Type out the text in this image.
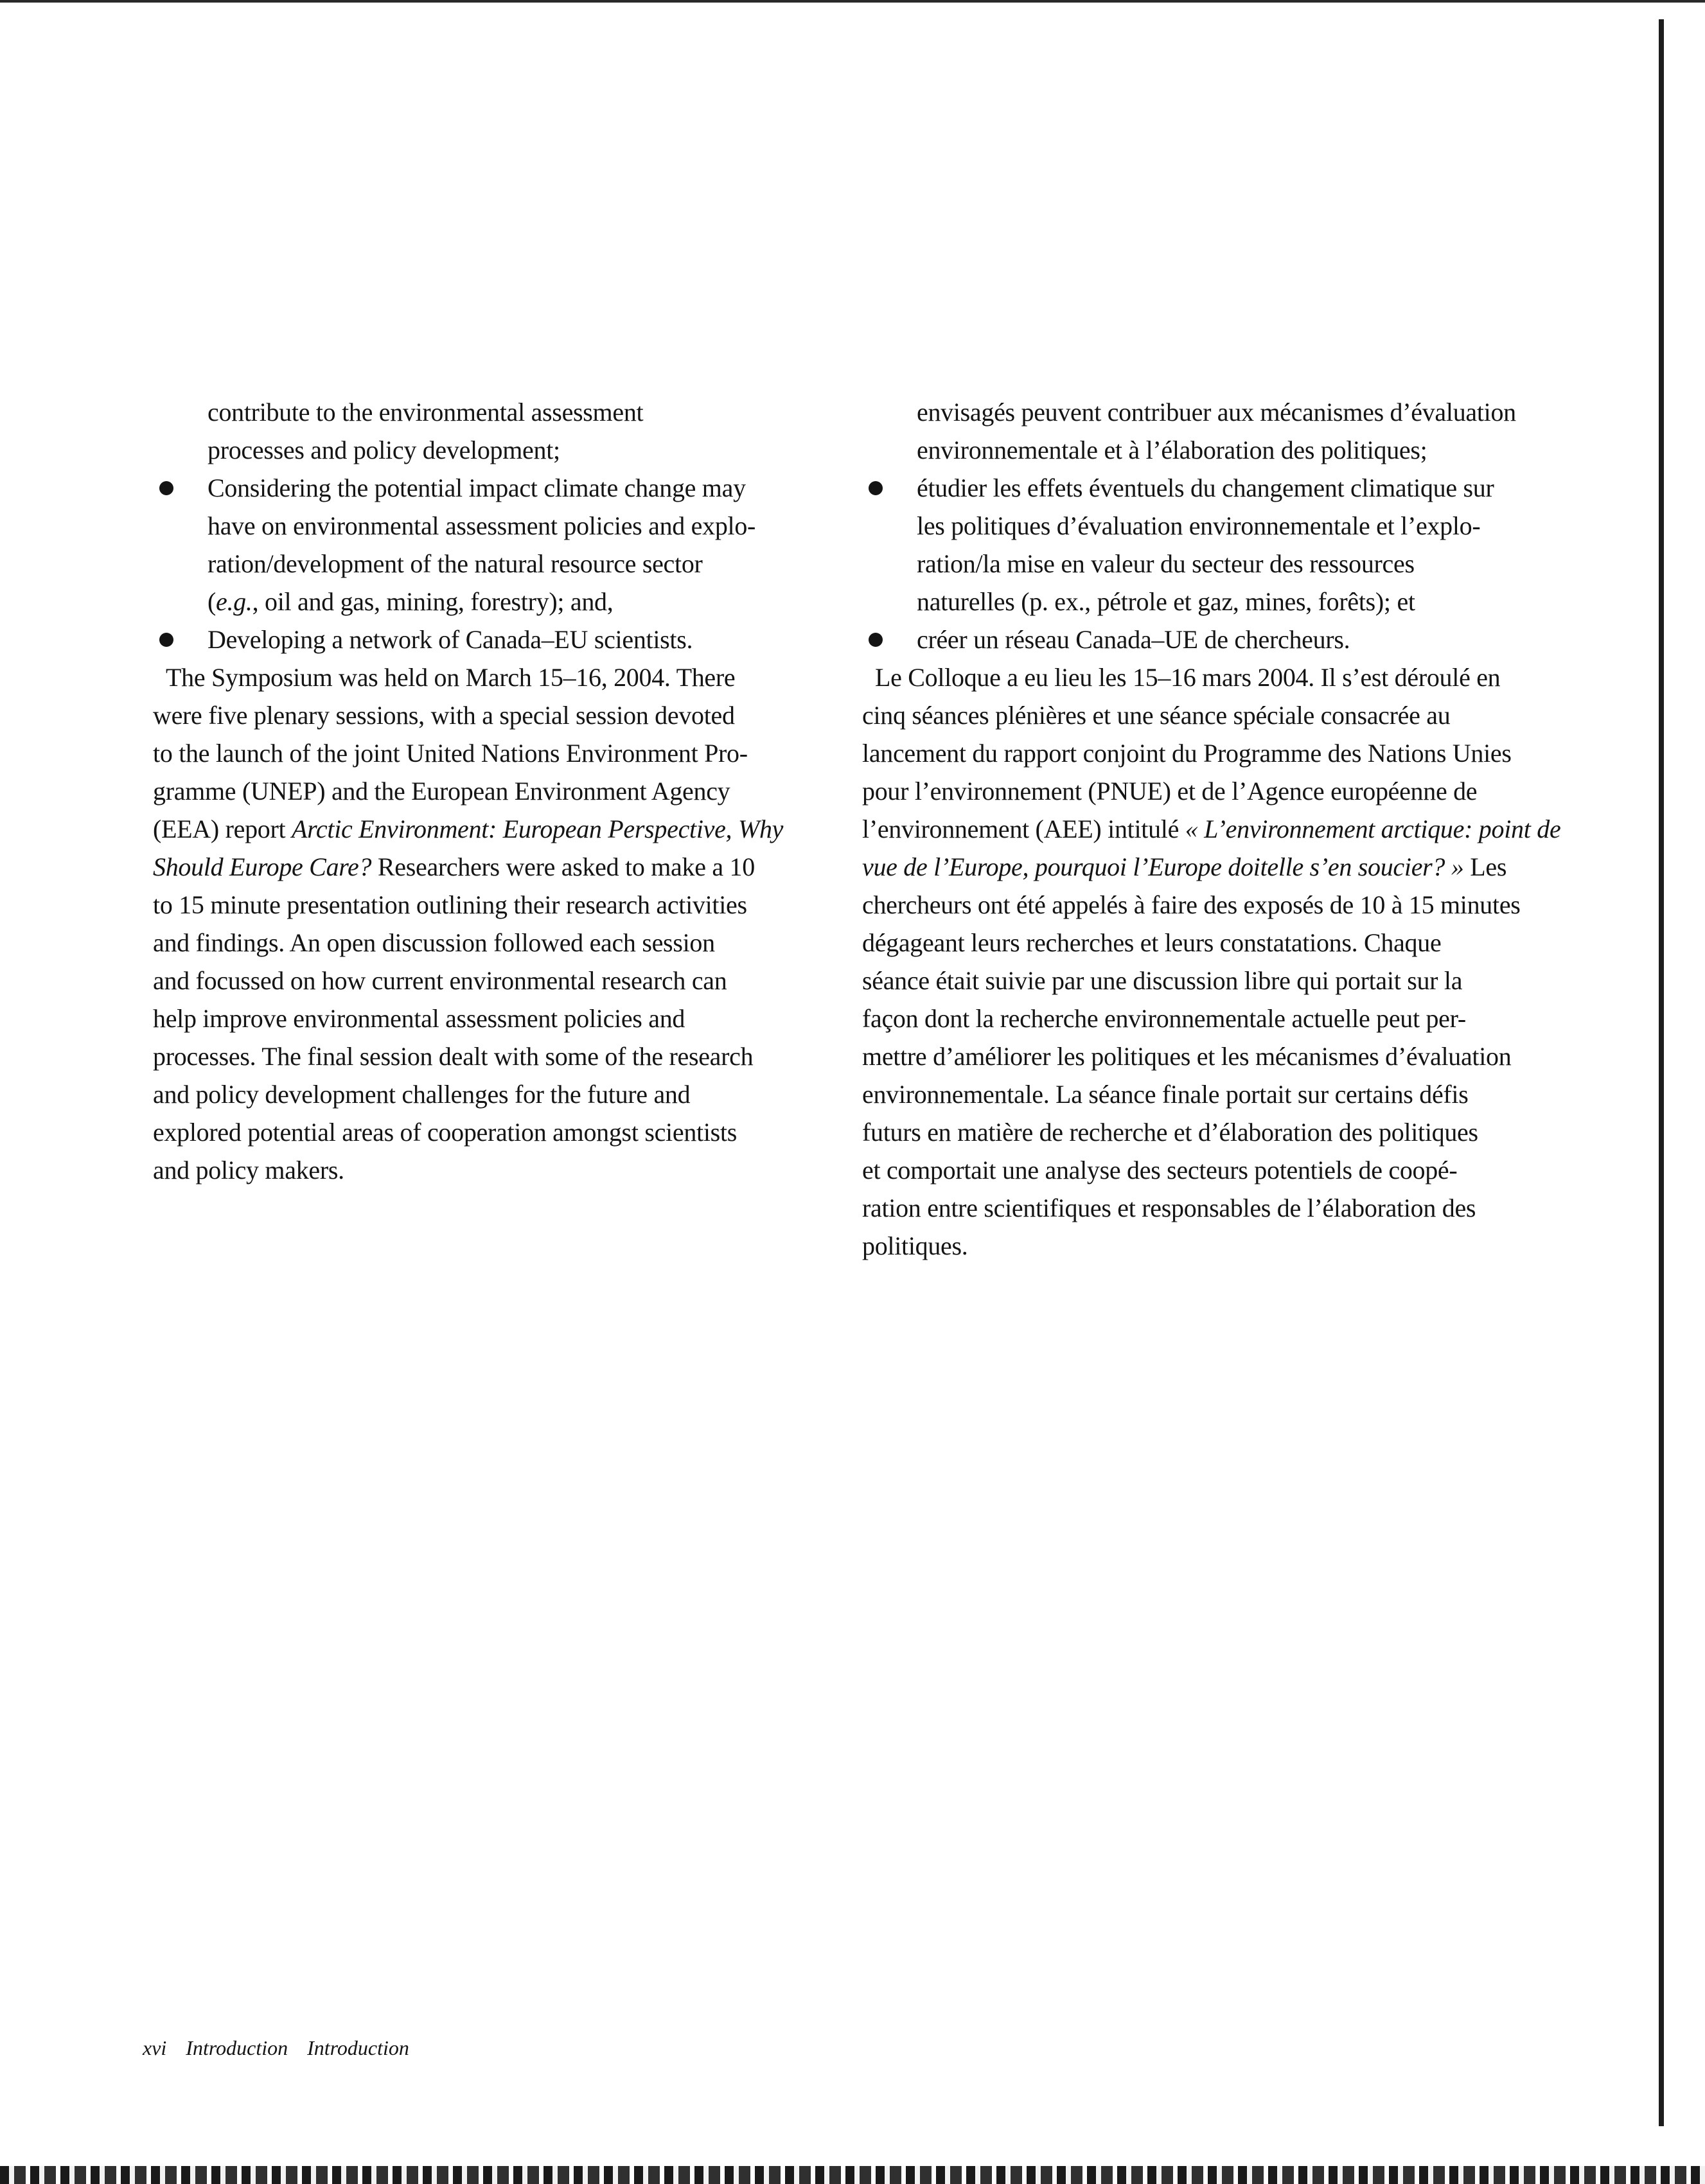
contribute to the environmental assessment
processes and policy development;
Considering the potential impact climate change may
have on environmental assessment policies and explo-
ration/development of the natural resource sector
(e.g., oil and gas, mining, forestry); and,
Developing a network of Canada–EU scientists.
The Symposium was held on March 15–16, 2004. There
were five plenary sessions, with a special session devoted
to the launch of the joint United Nations Environment Pro-
gramme (UNEP) and the European Environment Agency
(EEA) report Arctic Environment: European Perspective, Why
Should Europe Care? Researchers were asked to make a 10
to 15 minute presentation outlining their research activities
and findings. An open discussion followed each session
and focussed on how current environmental research can
help improve environmental assessment policies and
processes. The final session dealt with some of the research
and policy development challenges for the future and
explored potential areas of cooperation amongst scientists
and policy makers.
envisagés peuvent contribuer aux mécanismes d’évaluation
environnementale et à l’élaboration des politiques;
étudier les effets éventuels du changement climatique sur
les politiques d’évaluation environnementale et l’explo-
ration/la mise en valeur du secteur des ressources
naturelles (p. ex., pétrole et gaz, mines, forêts); et
créer un réseau Canada–UE de chercheurs.
Le Colloque a eu lieu les 15–16 mars 2004. Il s’est déroulé en
cinq séances plénières et une séance spéciale consacrée au
lancement du rapport conjoint du Programme des Nations Unies
pour l’environnement (PNUE) et de l’Agence européenne de
l’environnement (AEE) intitulé « L’environnement arctique: point de
vue de l’Europe, pourquoi l’Europe doitelle s’en soucier? » Les
chercheurs ont été appelés à faire des exposés de 10 à 15 minutes
dégageant leurs recherches et leurs constatations. Chaque
séance était suivie par une discussion libre qui portait sur la
façon dont la recherche environnementale actuelle peut per-
mettre d’améliorer les politiques et les mécanismes d’évaluation
environnementale. La séance finale portait sur certains défis
futurs en matière de recherche et d’élaboration des politiques
et comportait une analyse des secteurs potentiels de coopé-
ration entre scientifiques et responsables de l’élaboration des
politiques.
xvi Introduction Introduction
